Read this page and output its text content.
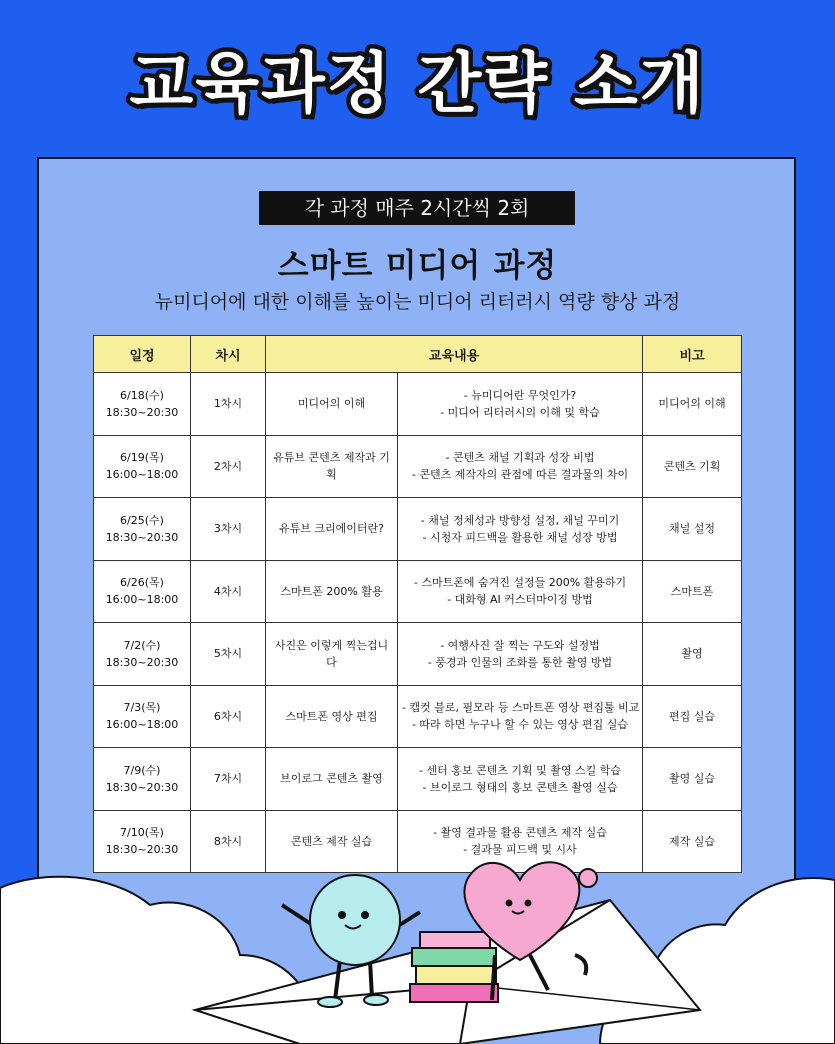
교육과정 간략 소개
각 과정 매주 2시간씩 2회
스마트 미디어 과정
뉴미디어에 대한 이해를 높이는 미디어 리터러시 역량 향상 과정
일정	차시	교육내용		비고

6/18(수)
18:30~20:30	1차시	미디어의 이해	- 뉴미디어란 무엇인가?
- 미디어 리터러시의 이해 및 학습	미디어의 이해

6/19(목)
16:00~18:00	2차시	유튜브 콘텐츠 제작과 기획	- 콘텐츠 채널 기획과 성장 비법
- 콘텐츠 제작자의 관점에 따른 결과물의 차이	콘텐츠 기획

6/25(수)
18:30~20:30	3차시	유튜브 크리에이터란?	- 채널 정체성과 방향성 설정, 채널 꾸미기
- 시청자 피드백을 활용한 채널 성장 방법	채널 설정

6/26(목)
16:00~18:00	4차시	스마트폰 200% 활용	- 스마트폰에 숨겨진 설정들 200% 활용하기
- 대화형 AI 커스터마이징 방법	스마트폰

7/2(수)
18:30~20:30	5차시	사진은 이렇게 찍는겁니다	- 여행사진 잘 찍는 구도와 설정법
- 풍경과 인물의 조화를 통한 촬영 방법	촬영

7/3(목)
16:00~18:00	6차시	스마트폰 영상 편집	- 캡컷 블로, 필모라 등 스마트폰 영상 편집툴 비교
- 따라 하면 누구나 할 수 있는 영상 편집 실습	편집 실습

7/9(수)
18:30~20:30	7차시	브이로그 콘텐츠 촬영	- 센터 홍보 콘텐츠 기획 및 촬영 스킬 학습
- 브이로그 형태의 홍보 콘텐츠 촬영 실습	촬영 실습

7/10(목)
18:30~20:30	8차시	콘텐츠 제작 실습	- 촬영 결과물 활용 콘텐츠 제작 실습
- 결과물 피드백 및 시사	제작 실습
